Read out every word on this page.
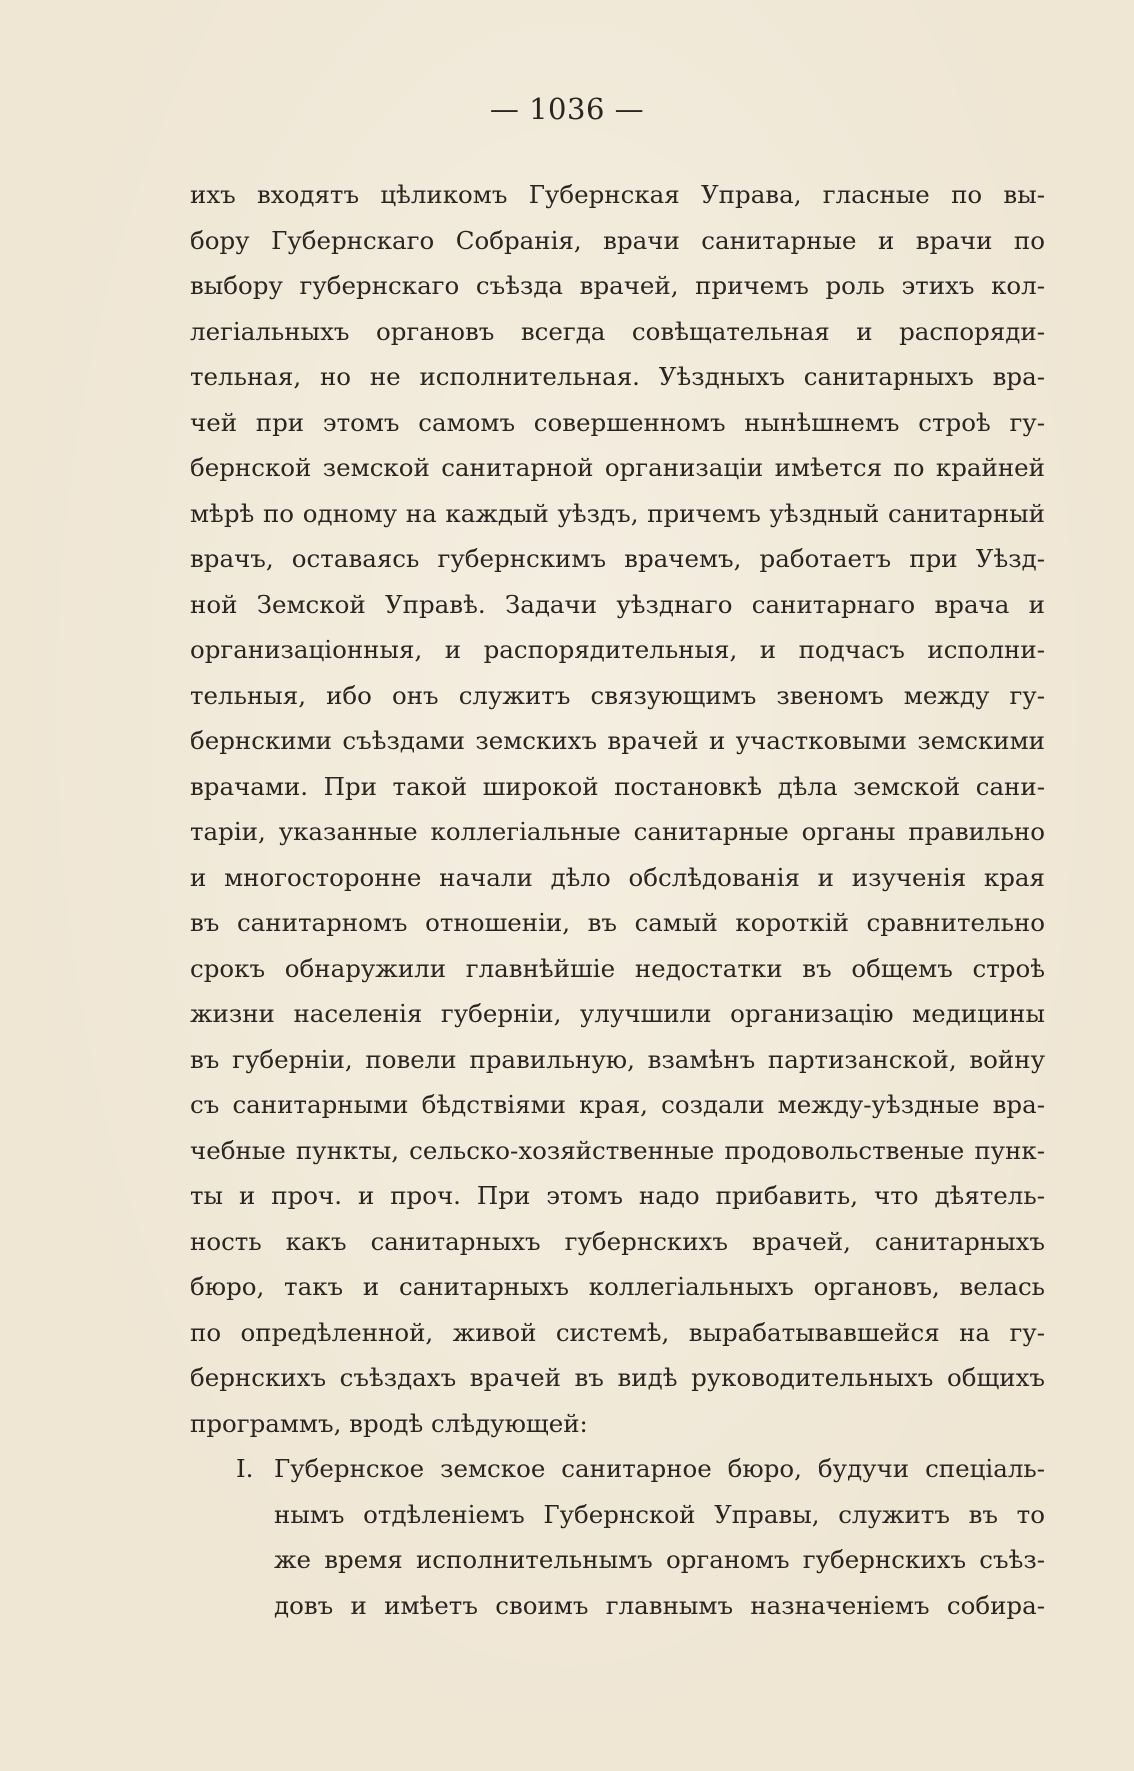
— 1036 —
ихъ входятъ цѣликомъ Губернская Управа, гласные по вы-
бору Губернскаго Собранія, врачи санитарные и врачи по
выбору губернскаго съѣзда врачей, причемъ роль этихъ кол-
легіальныхъ органовъ всегда совѣщательная и распоряди-
тельная, но не исполнительная. Уѣздныхъ санитарныхъ вра-
чей при этомъ самомъ совершенномъ нынѣшнемъ строѣ гу-
бернской земской санитарной организаціи имѣется по крайней
мѣрѣ по одному на каждый уѣздъ, причемъ уѣздный санитарный
врачъ, оставаясь губернскимъ врачемъ, работаетъ при Уѣзд-
ной Земской Управѣ. Задачи уѣзднаго санитарнаго врача и
организаціонныя, и распорядительныя, и подчасъ исполни-
тельныя, ибо онъ служитъ связующимъ звеномъ между гу-
бернскими съѣздами земскихъ врачей и участковыми земскими
врачами. При такой широкой постановкѣ дѣла земской сани-
таріи, указанные коллегіальные санитарные органы правильно
и многосторонне начали дѣло обслѣдованія и изученія края
въ санитарномъ отношеніи, въ самый короткій сравнительно
срокъ обнаружили главнѣйшіе недостатки въ общемъ строѣ
жизни населенія губерніи, улучшили организацію медицины
въ губерніи, повели правильную, взамѣнъ партизанской, войну
съ санитарными бѣдствіями края, создали между-уѣздные вра-
чебные пункты, сельско-хозяйственные продовольственые пунк-
ты и проч. и проч. При этомъ надо прибавить, что дѣятель-
ность какъ санитарныхъ губернскихъ врачей, санитарныхъ
бюро, такъ и санитарныхъ коллегіальныхъ органовъ, велась
по опредѣленной, живой системѣ, вырабатывавшейся на гу-
бернскихъ съѣздахъ врачей въ видѣ руководительныхъ общихъ
программъ, вродѣ слѣдующей:
I. Губернское земское санитарное бюро, будучи спеціаль-
нымъ отдѣленіемъ Губернской Управы, служитъ въ то
же время исполнительнымъ органомъ губернскихъ съѣз-
довъ и имѣетъ своимъ главнымъ назначеніемъ собира-
